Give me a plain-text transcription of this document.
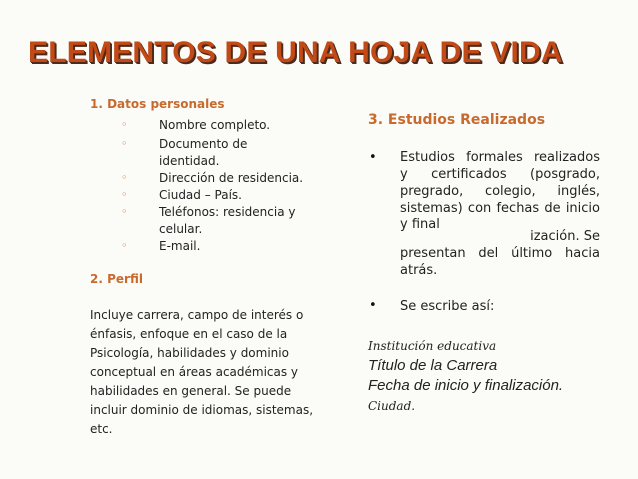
ELEMENTOS DE UNA HOJA DE VIDA
1. Datos personales
◦	Nombre completo.
◦	Documento de
identidad.
◦	Dirección de residencia.
◦	Ciudad – País.
◦	Teléfonos: residencia y
celular.
◦	E-mail.
2. Perfil
Incluye carrera, campo de interés o
énfasis, enfoque en el caso de la
Psicología, habilidades y dominio
conceptual en áreas académicas y
habilidades en general. Se puede
incluir dominio de idiomas, sistemas,
etc.
3. Estudios Realizados
• Estudios formales realizados
y certificados (posgrado,
pregrado, colegio, inglés,
sistemas) con fechas de inicio
y final
ización. Se
presentan del último hacia
atrás.
• Se escribe así:
Institución educativa
Título de la Carrera
Fecha de inicio y finalización.
Ciudad.
